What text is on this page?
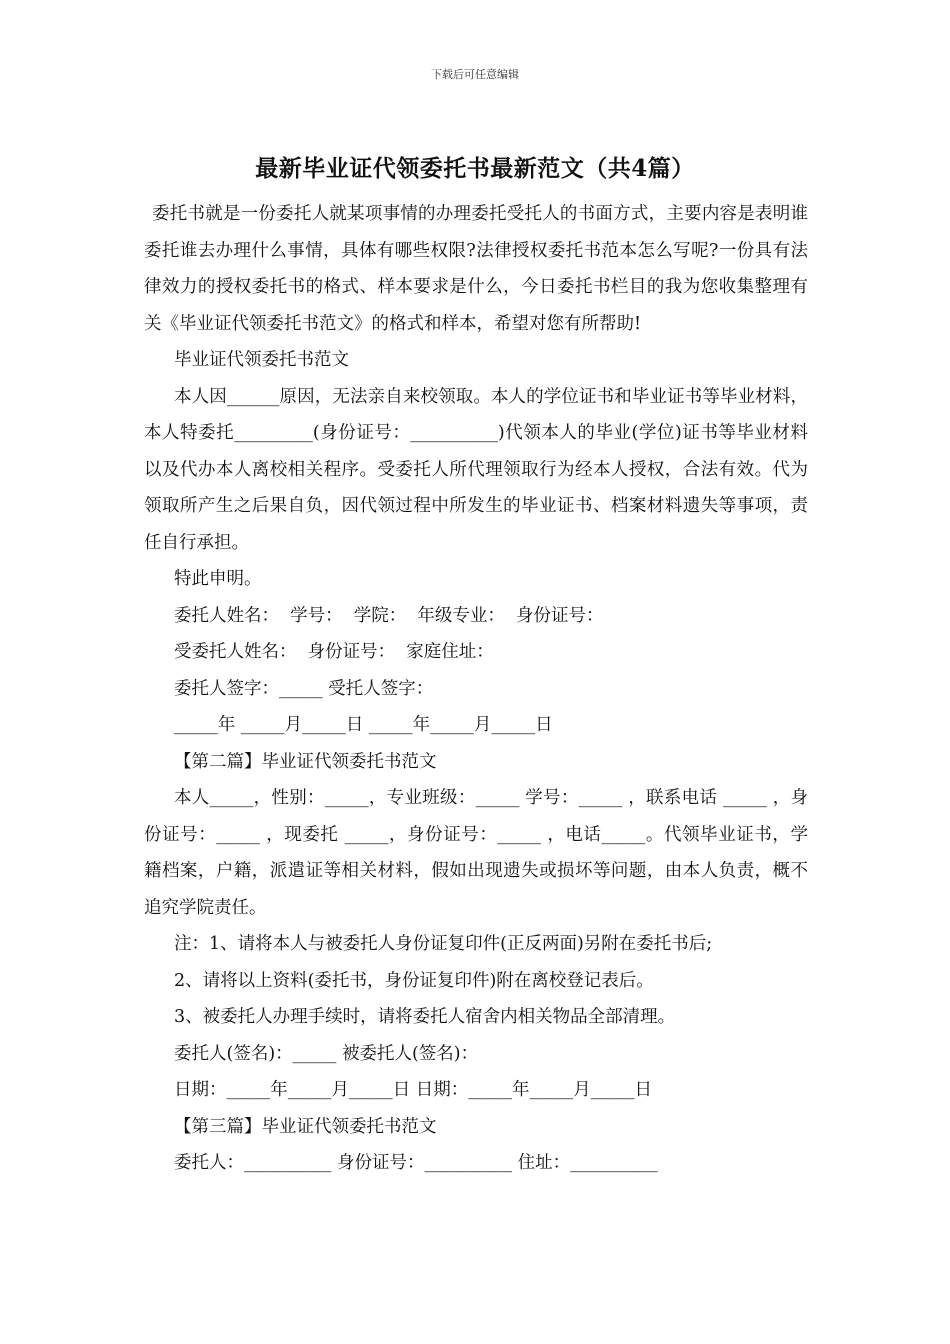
下载后可任意编辑
最新毕业证代领委托书最新范文（共4篇）

委托书就是一份委托人就某项事情的办理委托受托人的书面方式，主要内容是表明谁委托谁去办理什么事情，具体有哪些权限?法律授权委托书范本怎么写呢?一份具有法律效力的授权委托书的格式、样本要求是什么，今日委托书栏目的我为您收集整理有关《毕业证代领委托书范文》的格式和样本，希望对您有所帮助!

毕业证代领委托书范文

本人因______原因，无法亲自来校领取。本人的学位证书和毕业证书等毕业材料，本人特委托_________(身份证号：__________)代领本人的毕业(学位)证书等毕业材料以及代办本人离校相关程序。受委托人所代理领取行为经本人授权，合法有效。代为领取所产生之后果自负，因代领过程中所发生的毕业证书、档案材料遗失等事项，责任自行承担。

特此申明。

委托人姓名：  学号：  学院：  年级专业：  身份证号：

受委托人姓名：  身份证号：  家庭住址：

委托人签字：_____ 受托人签字：

_____年 _____月_____日 _____年_____月_____日

【第二篇】毕业证代领委托书范文

本人_____，性别：_____，专业班级：_____ 学号：_____ ，联系电话 _____ ，身份证号：_____ ，现委托 _____，身份证号：_____ ，电话_____。代领毕业证书，学籍档案，户籍，派遣证等相关材料，假如出现遗失或损坏等问题，由本人负责，概不追究学院责任。

注：1、请将本人与被委托人身份证复印件(正反两面)另附在委托书后;

2、请将以上资料(委托书，身份证复印件)附在离校登记表后。

3、被委托人办理手续时，请将委托人宿舍内相关物品全部清理。

委托人(签名)：_____ 被委托人(签名)：

日期：_____年_____月_____日 日期：_____年_____月_____日

【第三篇】毕业证代领委托书范文

委托人：__________ 身份证号：__________ 住址：__________
